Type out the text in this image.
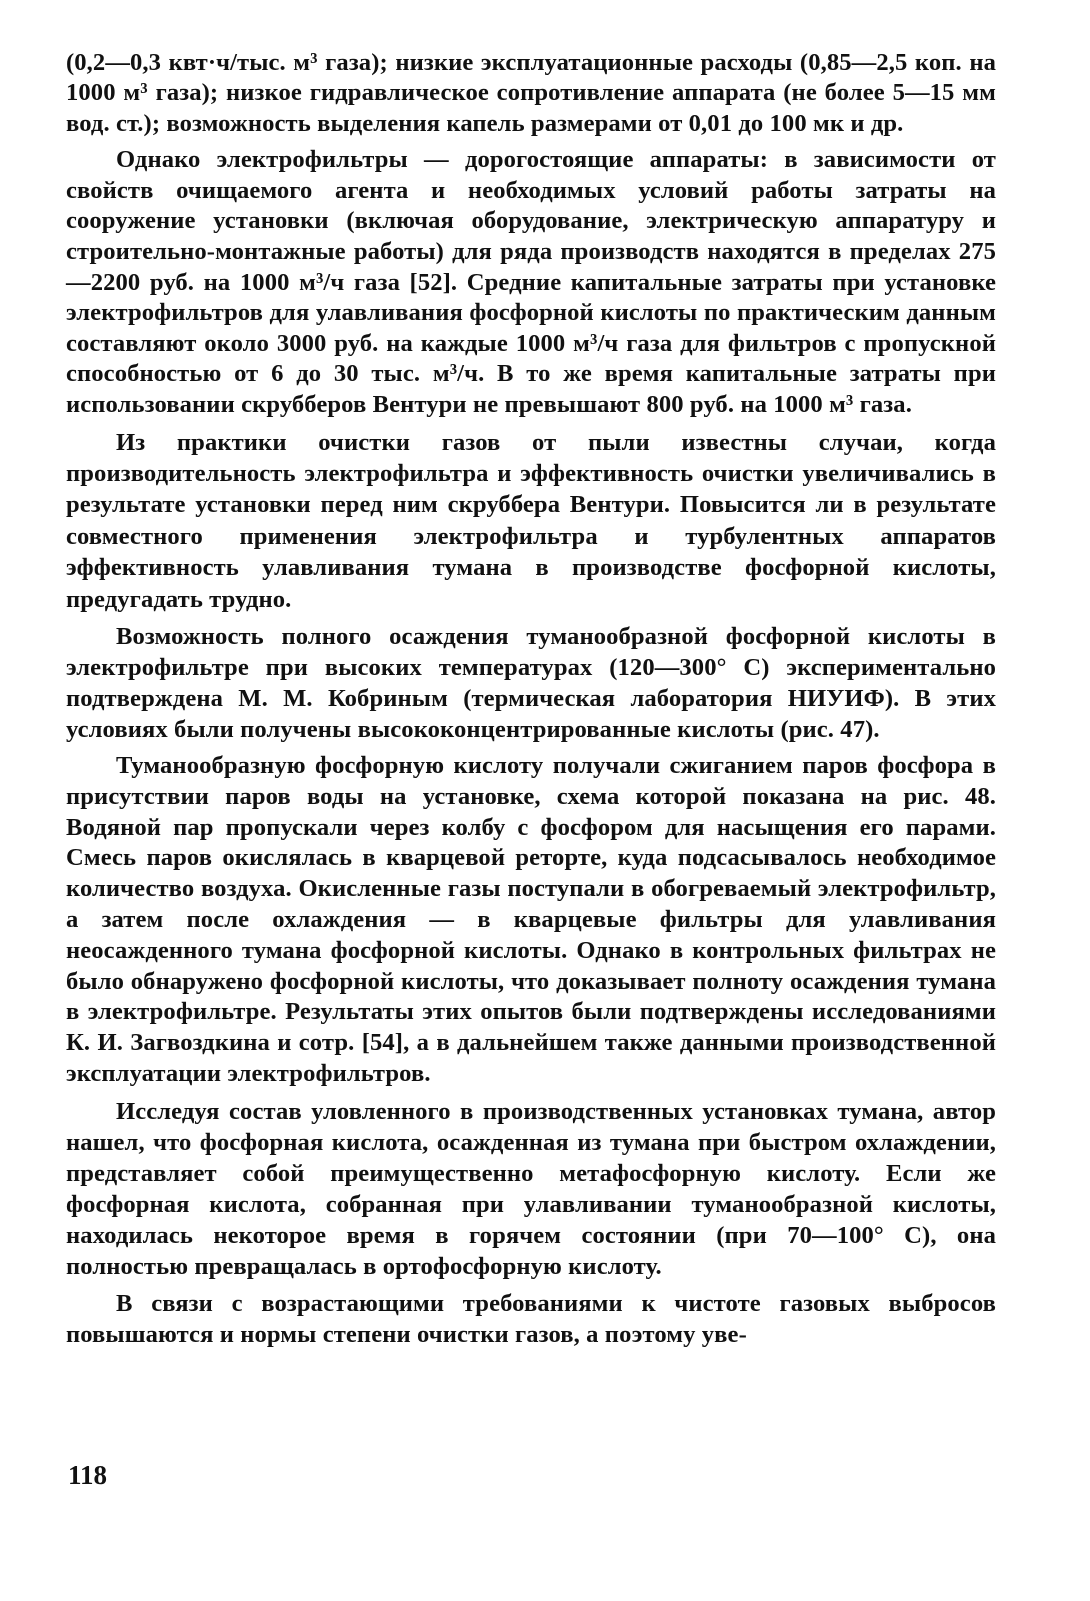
(0,2—0,3 квт·ч/тыс. м³ газа); низкие эксплуатационные расходы (0,85—2,5 коп. на 1000 м³ газа); низкое гидравлическое сопротивление аппарата (не более 5—15 мм вод. ст.); возможность выделения капель размерами от 0,01 до 100 мк и др.

Однако электрофильтры — дорогостоящие аппараты: в зависимости от свойств очищаемого агента и необходимых условий работы затраты на сооружение установки (включая оборудование, электрическую аппаратуру и строительно-монтажные работы) для ряда производств находятся в пределах 275—2200 руб. на 1000 м³/ч газа [52]. Средние капитальные затраты при установке электрофильтров для улавливания фосфорной кислоты по практическим данным составляют около 3000 руб. на каждые 1000 м³/ч газа для фильтров с пропускной способностью от 6 до 30 тыс. м³/ч. В то же время капитальные затраты при использовании скрубберов Вентури не превышают 800 руб. на 1000 м³ газа.

Из практики очистки газов от пыли известны случаи, когда производительность электрофильтра и эффективность очистки увеличивались в результате установки перед ним скруббера Вентури. Повысится ли в результате совместного применения электрофильтра и турбулентных аппаратов эффективность улавливания тумана в производстве фосфорной кислоты, предугадать трудно.

Возможность полного осаждения туманообразной фосфорной кислоты в электрофильтре при высоких температурах (120—300° С) экспериментально подтверждена М. М. Кобриным (термическая лаборатория НИУИФ). В этих условиях были получены высококонцентрированные кислоты (рис. 47).

Туманообразную фосфорную кислоту получали сжиганием паров фосфора в присутствии паров воды на установке, схема которой показана на рис. 48. Водяной пар пропускали через колбу с фосфором для насыщения его парами. Смесь паров окислялась в кварцевой реторте, куда подсасывалось необходимое количество воздуха. Окисленные газы поступали в обогреваемый электрофильтр, а затем после охлаждения — в кварцевые фильтры для улавливания неосажденного тумана фосфорной кислоты. Однако в контрольных фильтрах не было обнаружено фосфорной кислоты, что доказывает полноту осаждения тумана в электрофильтре. Результаты этих опытов были подтверждены исследованиями К. И. Загвоздкина и сотр. [54], а в дальнейшем также данными производственной эксплуатации электрофильтров.

Исследуя состав уловленного в производственных установках тумана, автор нашел, что фосфорная кислота, осажденная из тумана при быстром охлаждении, представляет собой преимущественно метафосфорную кислоту. Если же фосфорная кислота, собранная при улавливании туманообразной кислоты, находилась некоторое время в горячем состоянии (при 70—100° С), она полностью превращалась в ортофосфорную кислоту.

В связи с возрастающими требованиями к чистоте газовых выбросов повышаются и нормы степени очистки газов, а поэтому уве-

118
